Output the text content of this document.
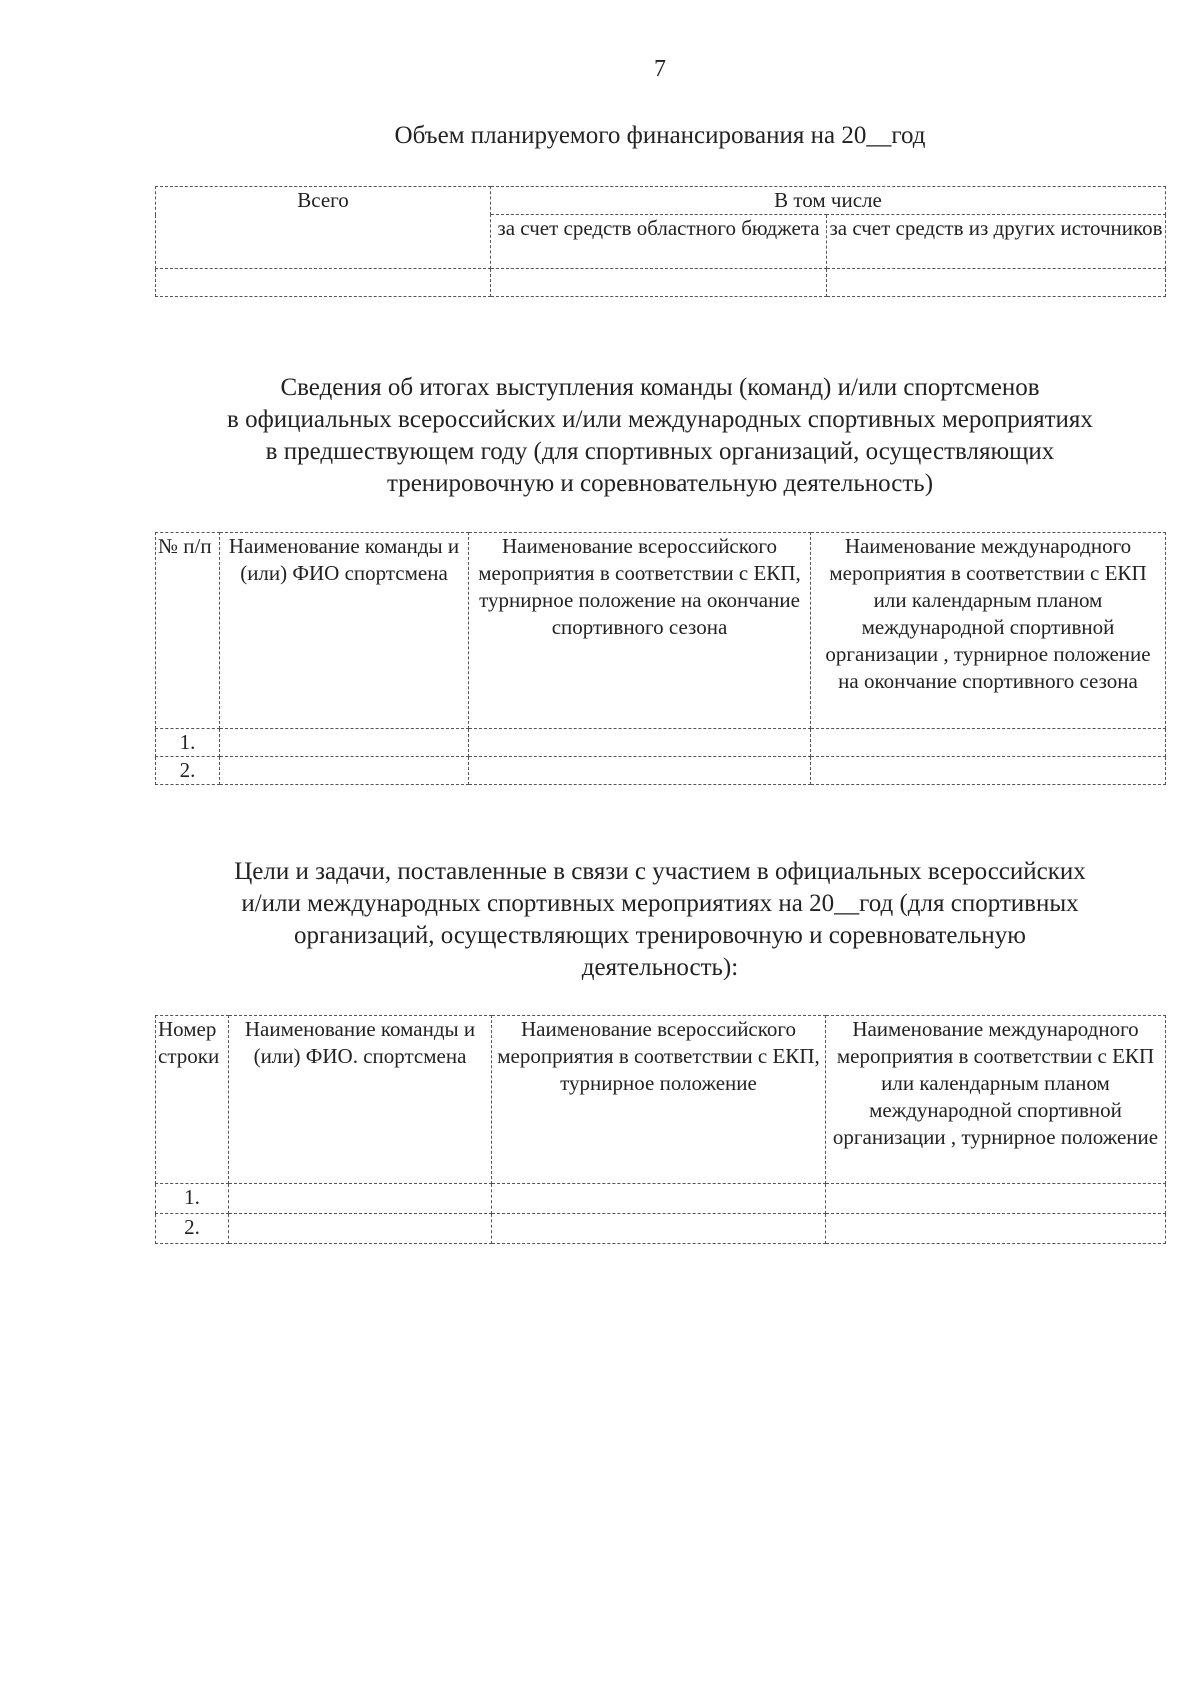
7
Объем планируемого финансирования на 20__год
Всего	В том числе	
	за счет средств областного бюджета	за счет средств из других источников

Сведения об итогах выступления команды (команд) и/или спортсменов
в официальных всероссийских и/или международных спортивных мероприятиях
в предшествующем году (для спортивных организаций, осуществляющих
тренировочную и соревновательную деятельность)
№ п/п	Наименование команды и (или) ФИО спортсмена	Наименование всероссийского мероприятия в соответствии с ЕКП, турнирное положение на окончание спортивного сезона	Наименование международного мероприятия в соответствии с ЕКП или календарным планом международной спортивной организации , турнирное положение на окончание спортивного сезона
1.			
2.			
Цели и задачи, поставленные в связи с участием в официальных всероссийских
и/или международных спортивных мероприятиях на 20__год (для спортивных
организаций, осуществляющих тренировочную и соревновательную
деятельность):
Номер строки	Наименование команды и (или) ФИО. спортсмена	Наименование всероссийского мероприятия в соответствии с ЕКП, турнирное положение	Наименование международного мероприятия в соответствии с ЕКП или календарным планом международной спортивной организации , турнирное положение
1.			
2.			
